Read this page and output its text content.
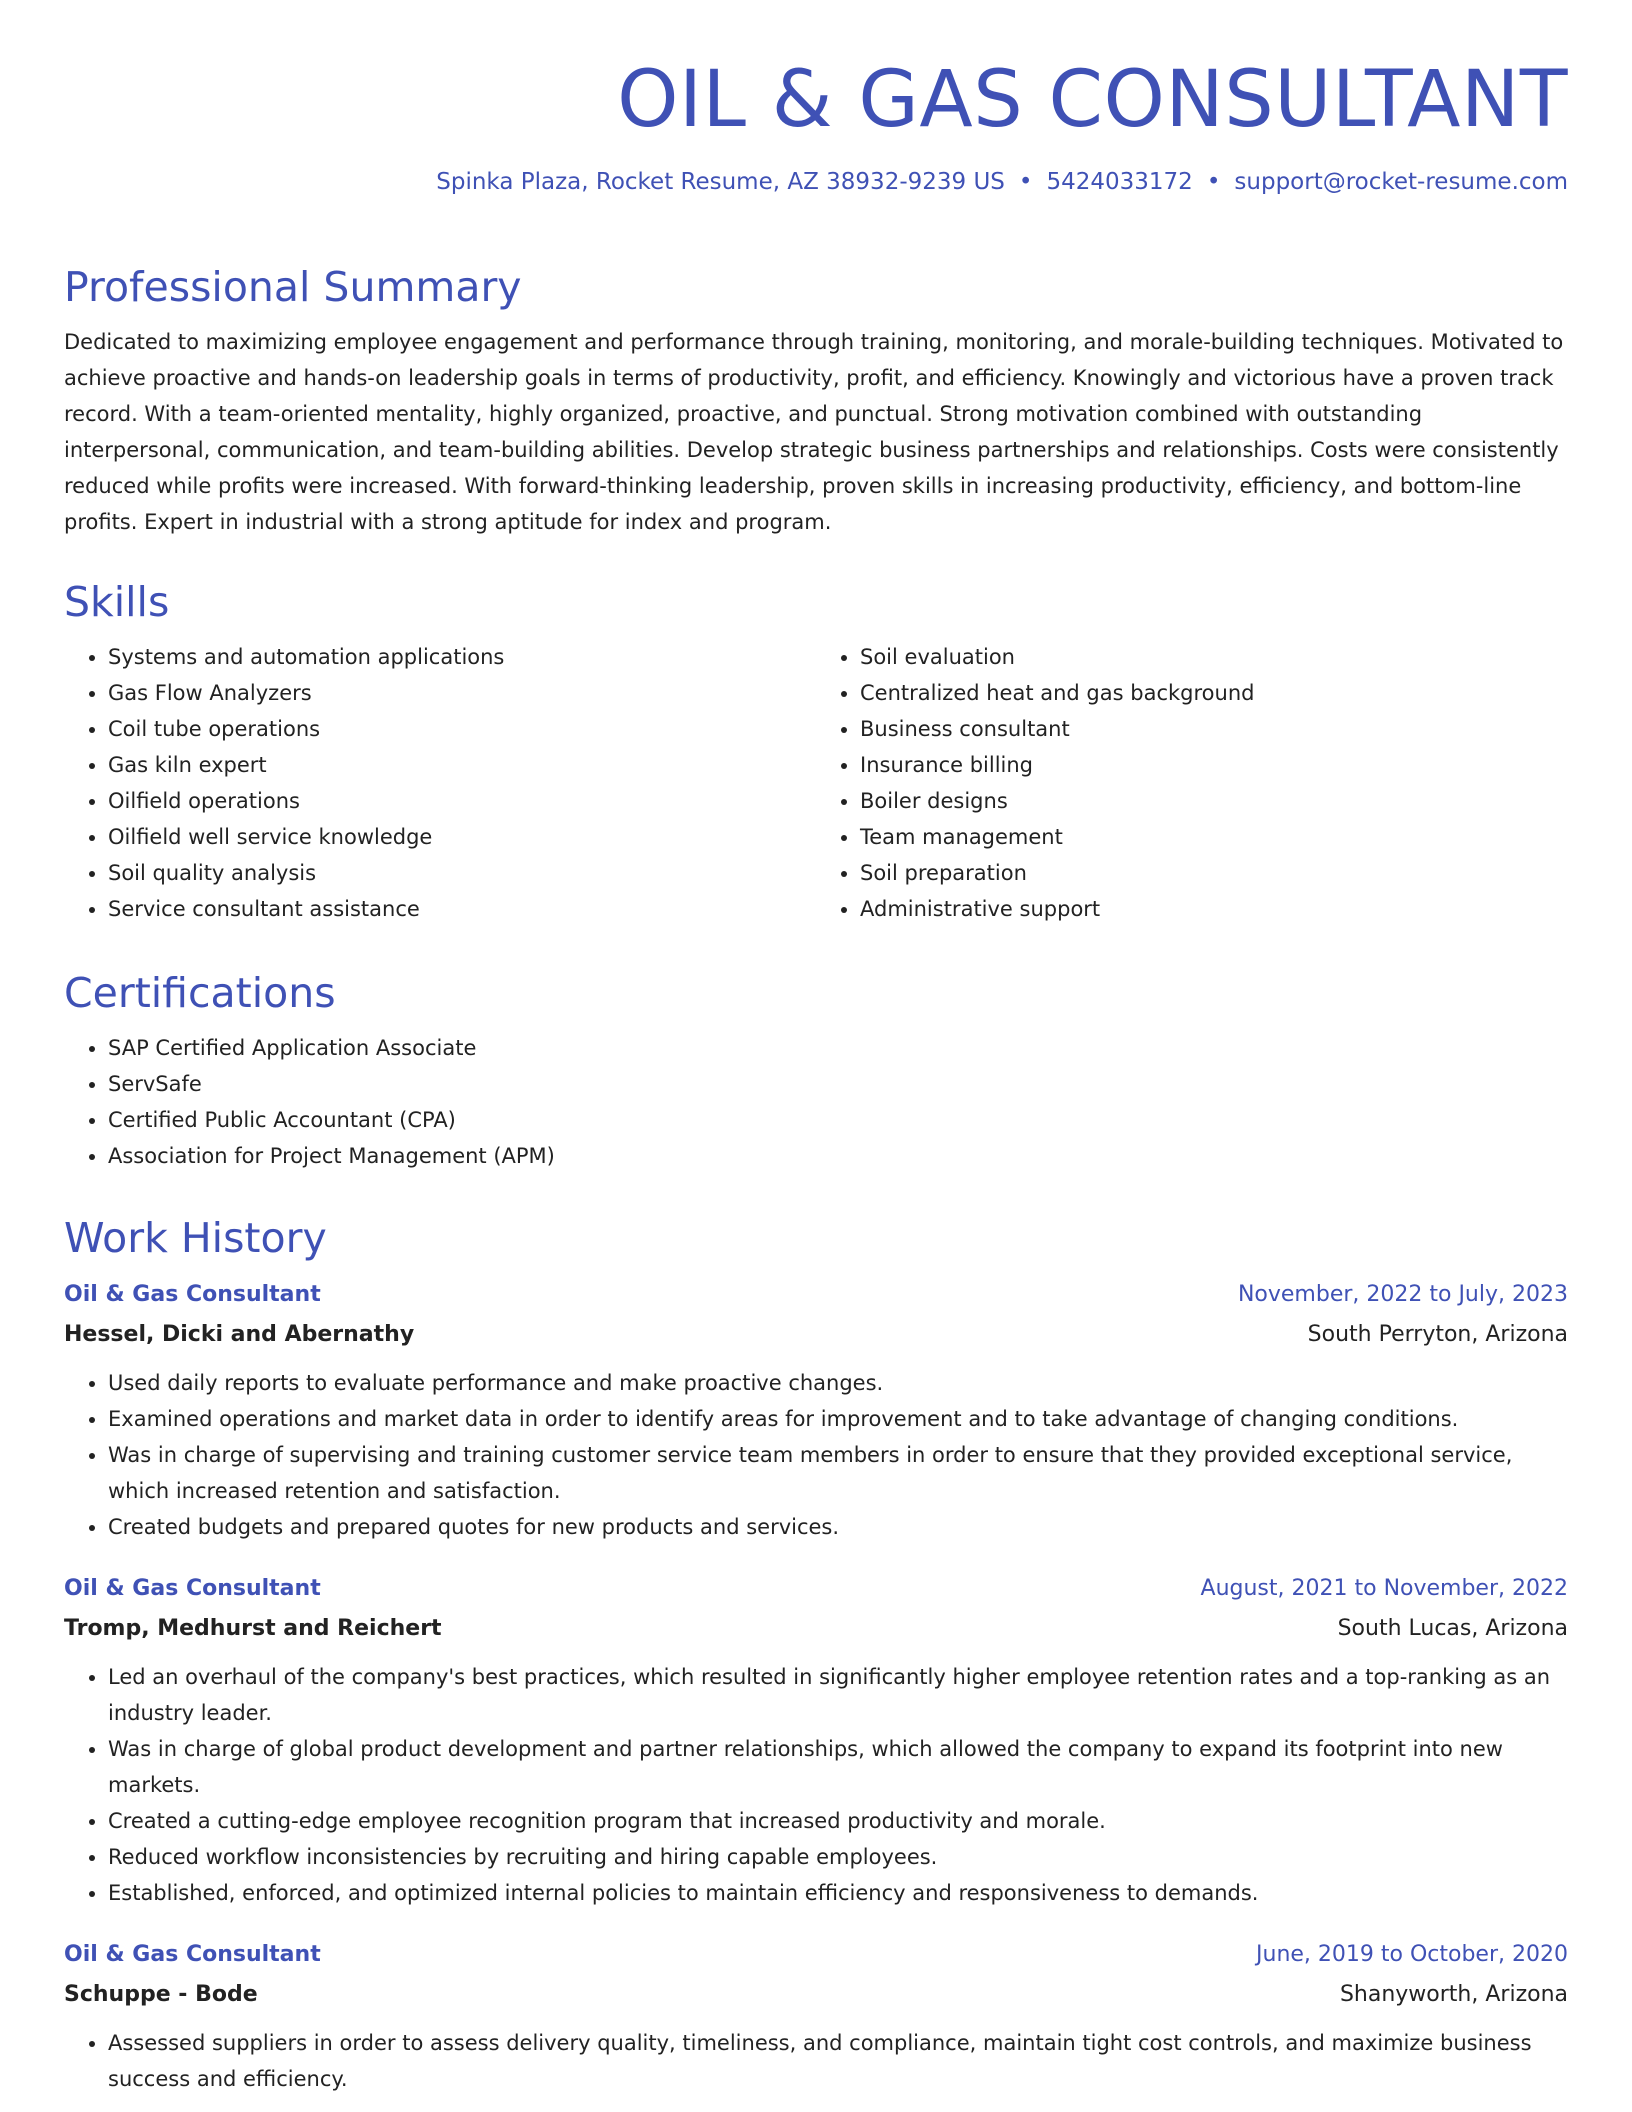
OIL & GAS CONSULTANT
Spinka Plaza, Rocket Resume, AZ 38932-9239 US • 5424033172 • support@rocket-resume.com
Professional Summary

Dedicated to maximizing employee engagement and performance through training, monitoring, and morale-building techniques. Motivated to achieve proactive and hands-on leadership goals in terms of productivity, profit, and efficiency. Knowingly and victorious have a proven track record. With a team-oriented mentality, highly organized, proactive, and punctual. Strong motivation combined with outstanding interpersonal, communication, and team-building abilities. Develop strategic business partnerships and relationships. Costs were consistently reduced while profits were increased. With forward-thinking leadership, proven skills in increasing productivity, efficiency, and bottom-line profits. Expert in industrial with a strong aptitude for index and program.

Skills
• Systems and automation applications
• Gas Flow Analyzers
• Coil tube operations
• Gas kiln expert
• Oilfield operations
• Oilfield well service knowledge
• Soil quality analysis
• Service consultant assistance
• Soil evaluation
• Centralized heat and gas background
• Business consultant
• Insurance billing
• Boiler designs
• Team management
• Soil preparation
• Administrative support
Certifications
• SAP Certified Application Associate
• ServSafe
• Certified Public Accountant (CPA)
• Association for Project Management (APM)
Work History
Oil & Gas Consultant	November, 2022 to July, 2023
Hessel, Dicki and Abernathy	South Perryton, Arizona
• Used daily reports to evaluate performance and make proactive changes.
• Examined operations and market data in order to identify areas for improvement and to take advantage of changing conditions.
• Was in charge of supervising and training customer service team members in order to ensure that they provided exceptional service, which increased retention and satisfaction.
• Created budgets and prepared quotes for new products and services.
Oil & Gas Consultant	August, 2021 to November, 2022
Tromp, Medhurst and Reichert	South Lucas, Arizona
• Led an overhaul of the company's best practices, which resulted in significantly higher employee retention rates and a top-ranking as an industry leader.
• Was in charge of global product development and partner relationships, which allowed the company to expand its footprint into new markets.
• Created a cutting-edge employee recognition program that increased productivity and morale.
• Reduced workflow inconsistencies by recruiting and hiring capable employees.
• Established, enforced, and optimized internal policies to maintain efficiency and responsiveness to demands.
Oil & Gas Consultant	June, 2019 to October, 2020
Schuppe - Bode	Shanyworth, Arizona
• Assessed suppliers in order to assess delivery quality, timeliness, and compliance, maintain tight cost controls, and maximize business success and efficiency.
